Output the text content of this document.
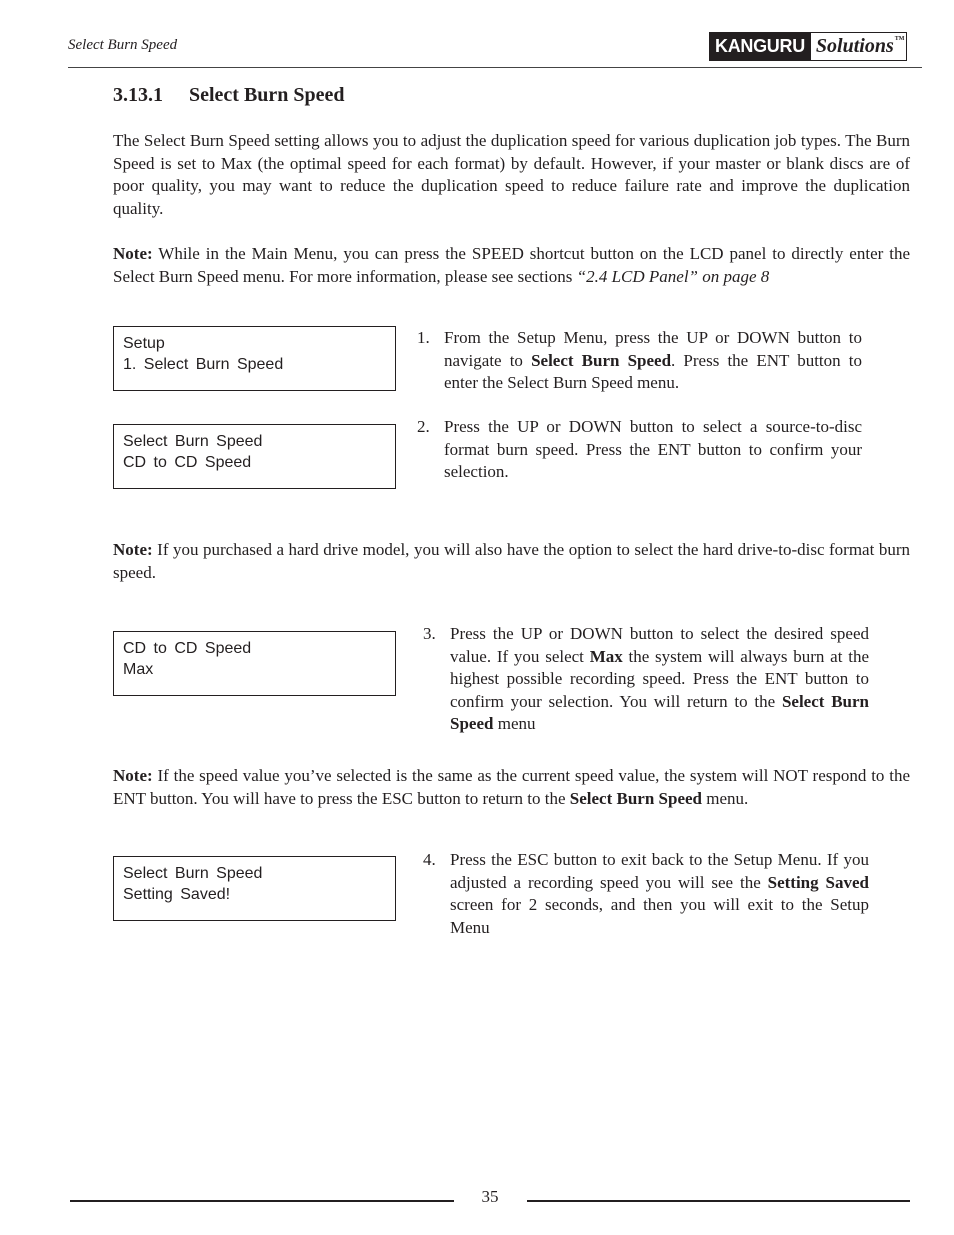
Select Burn Speed	KANGURU Solutions TM
3.13.1 Select Burn Speed

The Select Burn Speed setting allows you to adjust the duplication speed for various duplication job types. The Burn Speed is set to Max (the optimal speed for each format) by default. However, if your master or blank discs are of poor quality, you may want to reduce the duplication speed to reduce failure rate and improve the duplication quality.

Note: While in the Main Menu, you can press the SPEED shortcut button on the LCD panel to directly enter the Select Burn Speed menu. For more information, please see sections “2.4 LCD Panel” on page 8

Setup
1. Select Burn Speed
1. From the Setup Menu, press the UP or DOWN button to navigate to Select Burn Speed. Press the ENT button to enter the Select Burn Speed menu.
Select Burn Speed
CD to CD Speed
2. Press the UP or DOWN button to select a source-to-disc format burn speed. Press the ENT button to confirm your selection.

Note: If you purchased a hard drive model, you will also have the option to select the hard drive-to-disc format burn speed.

CD to CD Speed
Max
3. Press the UP or DOWN button to select the desired speed value. If you select Max the system will always burn at the highest possible recording speed. Press the ENT button to confirm your selection. You will return to the Select Burn Speed menu

Note: If the speed value you’ve selected is the same as the current speed value, the system will NOT respond to the ENT button. You will have to press the ESC button to return to the Select Burn Speed menu.

Select Burn Speed
Setting Saved!
4. Press the ESC button to exit back to the Setup Menu. If you adjusted a recording speed you will see the Setting Saved screen for 2 seconds, and then you will exit to the Setup Menu
35
